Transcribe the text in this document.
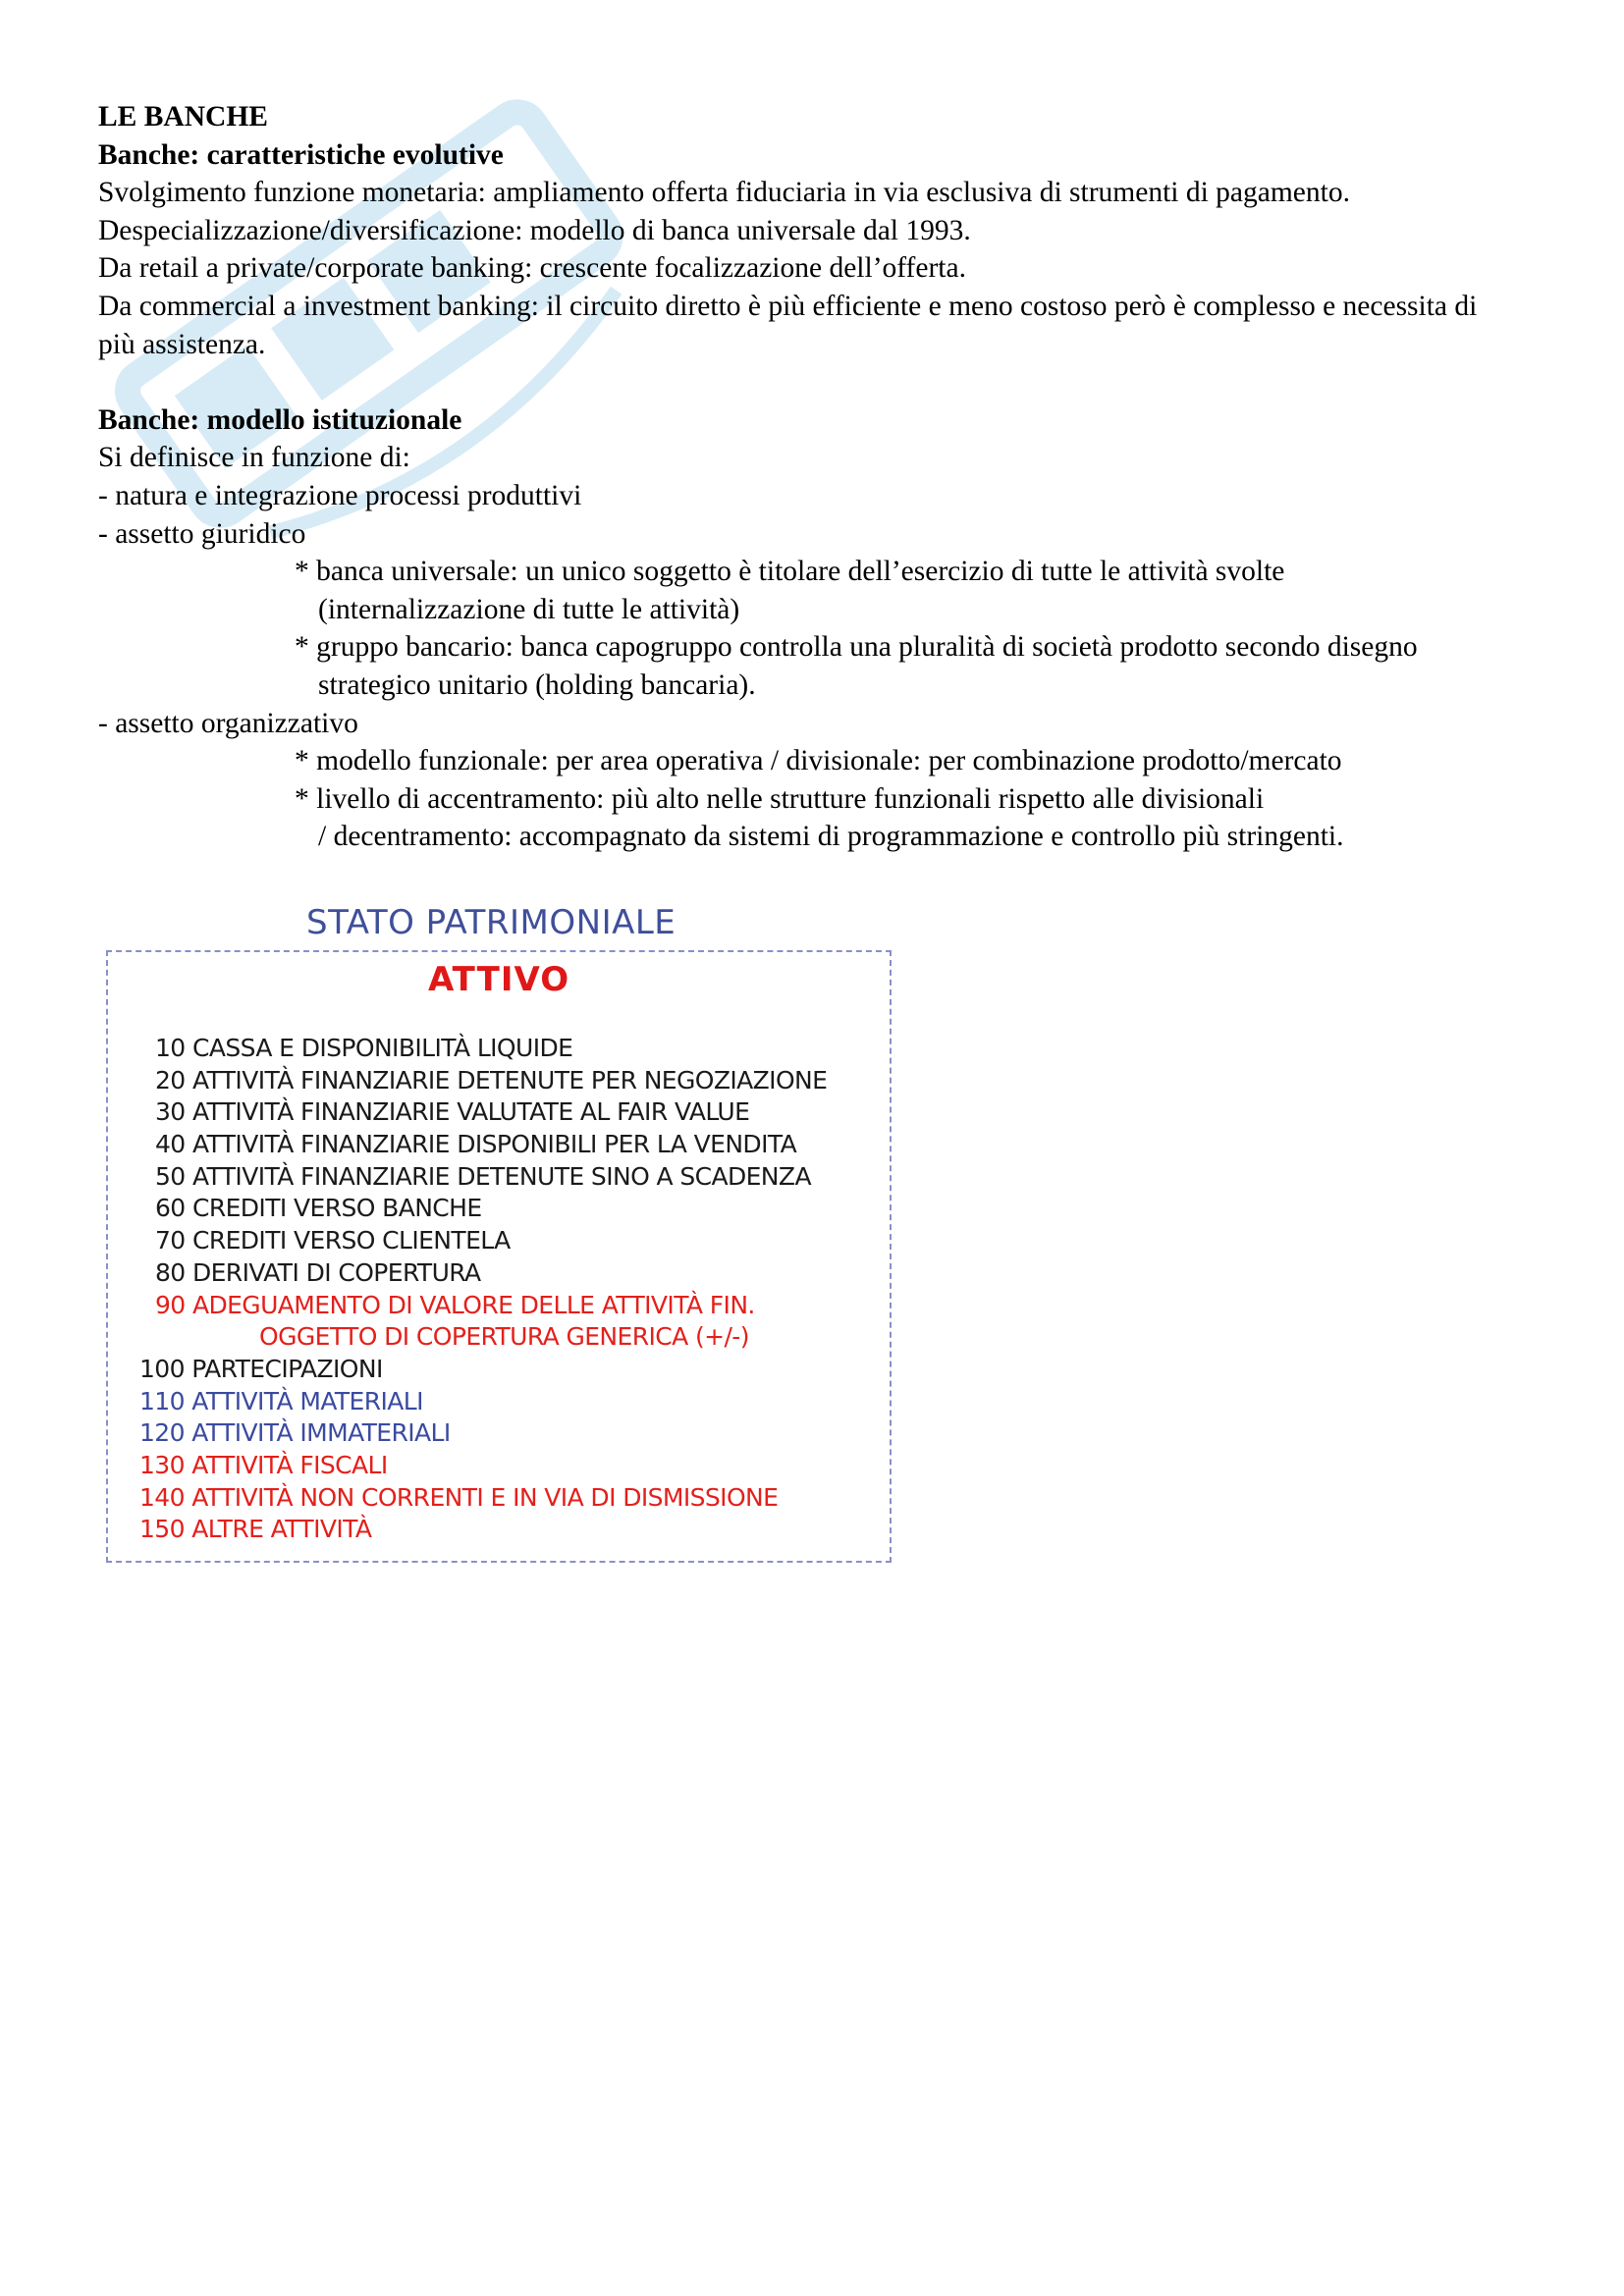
LE BANCHE

Banche: caratteristiche evolutive

Svolgimento funzione monetaria: ampliamento offerta fiduciaria in via esclusiva di strumenti di pagamento.

Despecializzazione/diversificazione: modello di banca universale dal 1993.

Da retail a private/corporate banking: crescente focalizzazione dell’offerta.

Da commercial a investment banking: il circuito diretto è più efficiente e meno costoso però è complesso e necessita di più assistenza.

Banche: modello istituzionale

Si definisce in funzione di:

- natura e integrazione processi produttivi

- assetto giuridico

* banca universale: un unico soggetto è titolare dell’esercizio di tutte le attività svolte

(internalizzazione di tutte le attività)

* gruppo bancario: banca capogruppo controlla una pluralità di società prodotto secondo disegno

strategico unitario (holding bancaria).

- assetto organizzativo

* modello funzionale: per area operativa / divisionale: per combinazione prodotto/mercato

* livello di accentramento: più alto nelle strutture funzionali rispetto alle divisionali

/ decentramento: accompagnato da sistemi di programmazione e controllo più stringenti.

STATO PATRIMONIALE
ATTIVO
10 CASSA E DISPONIBILITÀ LIQUIDE
20 ATTIVITÀ FINANZIARIE DETENUTE PER NEGOZIAZIONE
30 ATTIVITÀ FINANZIARIE VALUTATE AL FAIR VALUE
40 ATTIVITÀ FINANZIARIE DISPONIBILI PER LA VENDITA
50 ATTIVITÀ FINANZIARIE DETENUTE SINO A SCADENZA
60 CREDITI VERSO BANCHE
70 CREDITI VERSO CLIENTELA
80 DERIVATI DI COPERTURA
90 ADEGUAMENTO DI VALORE DELLE ATTIVITÀ FIN.
OGGETTO DI COPERTURA GENERICA (+/-)
100 PARTECIPAZIONI
110 ATTIVITÀ MATERIALI
120 ATTIVITÀ IMMATERIALI
130 ATTIVITÀ FISCALI
140 ATTIVITÀ NON CORRENTI E IN VIA DI DISMISSIONE
150 ALTRE ATTIVITÀ
